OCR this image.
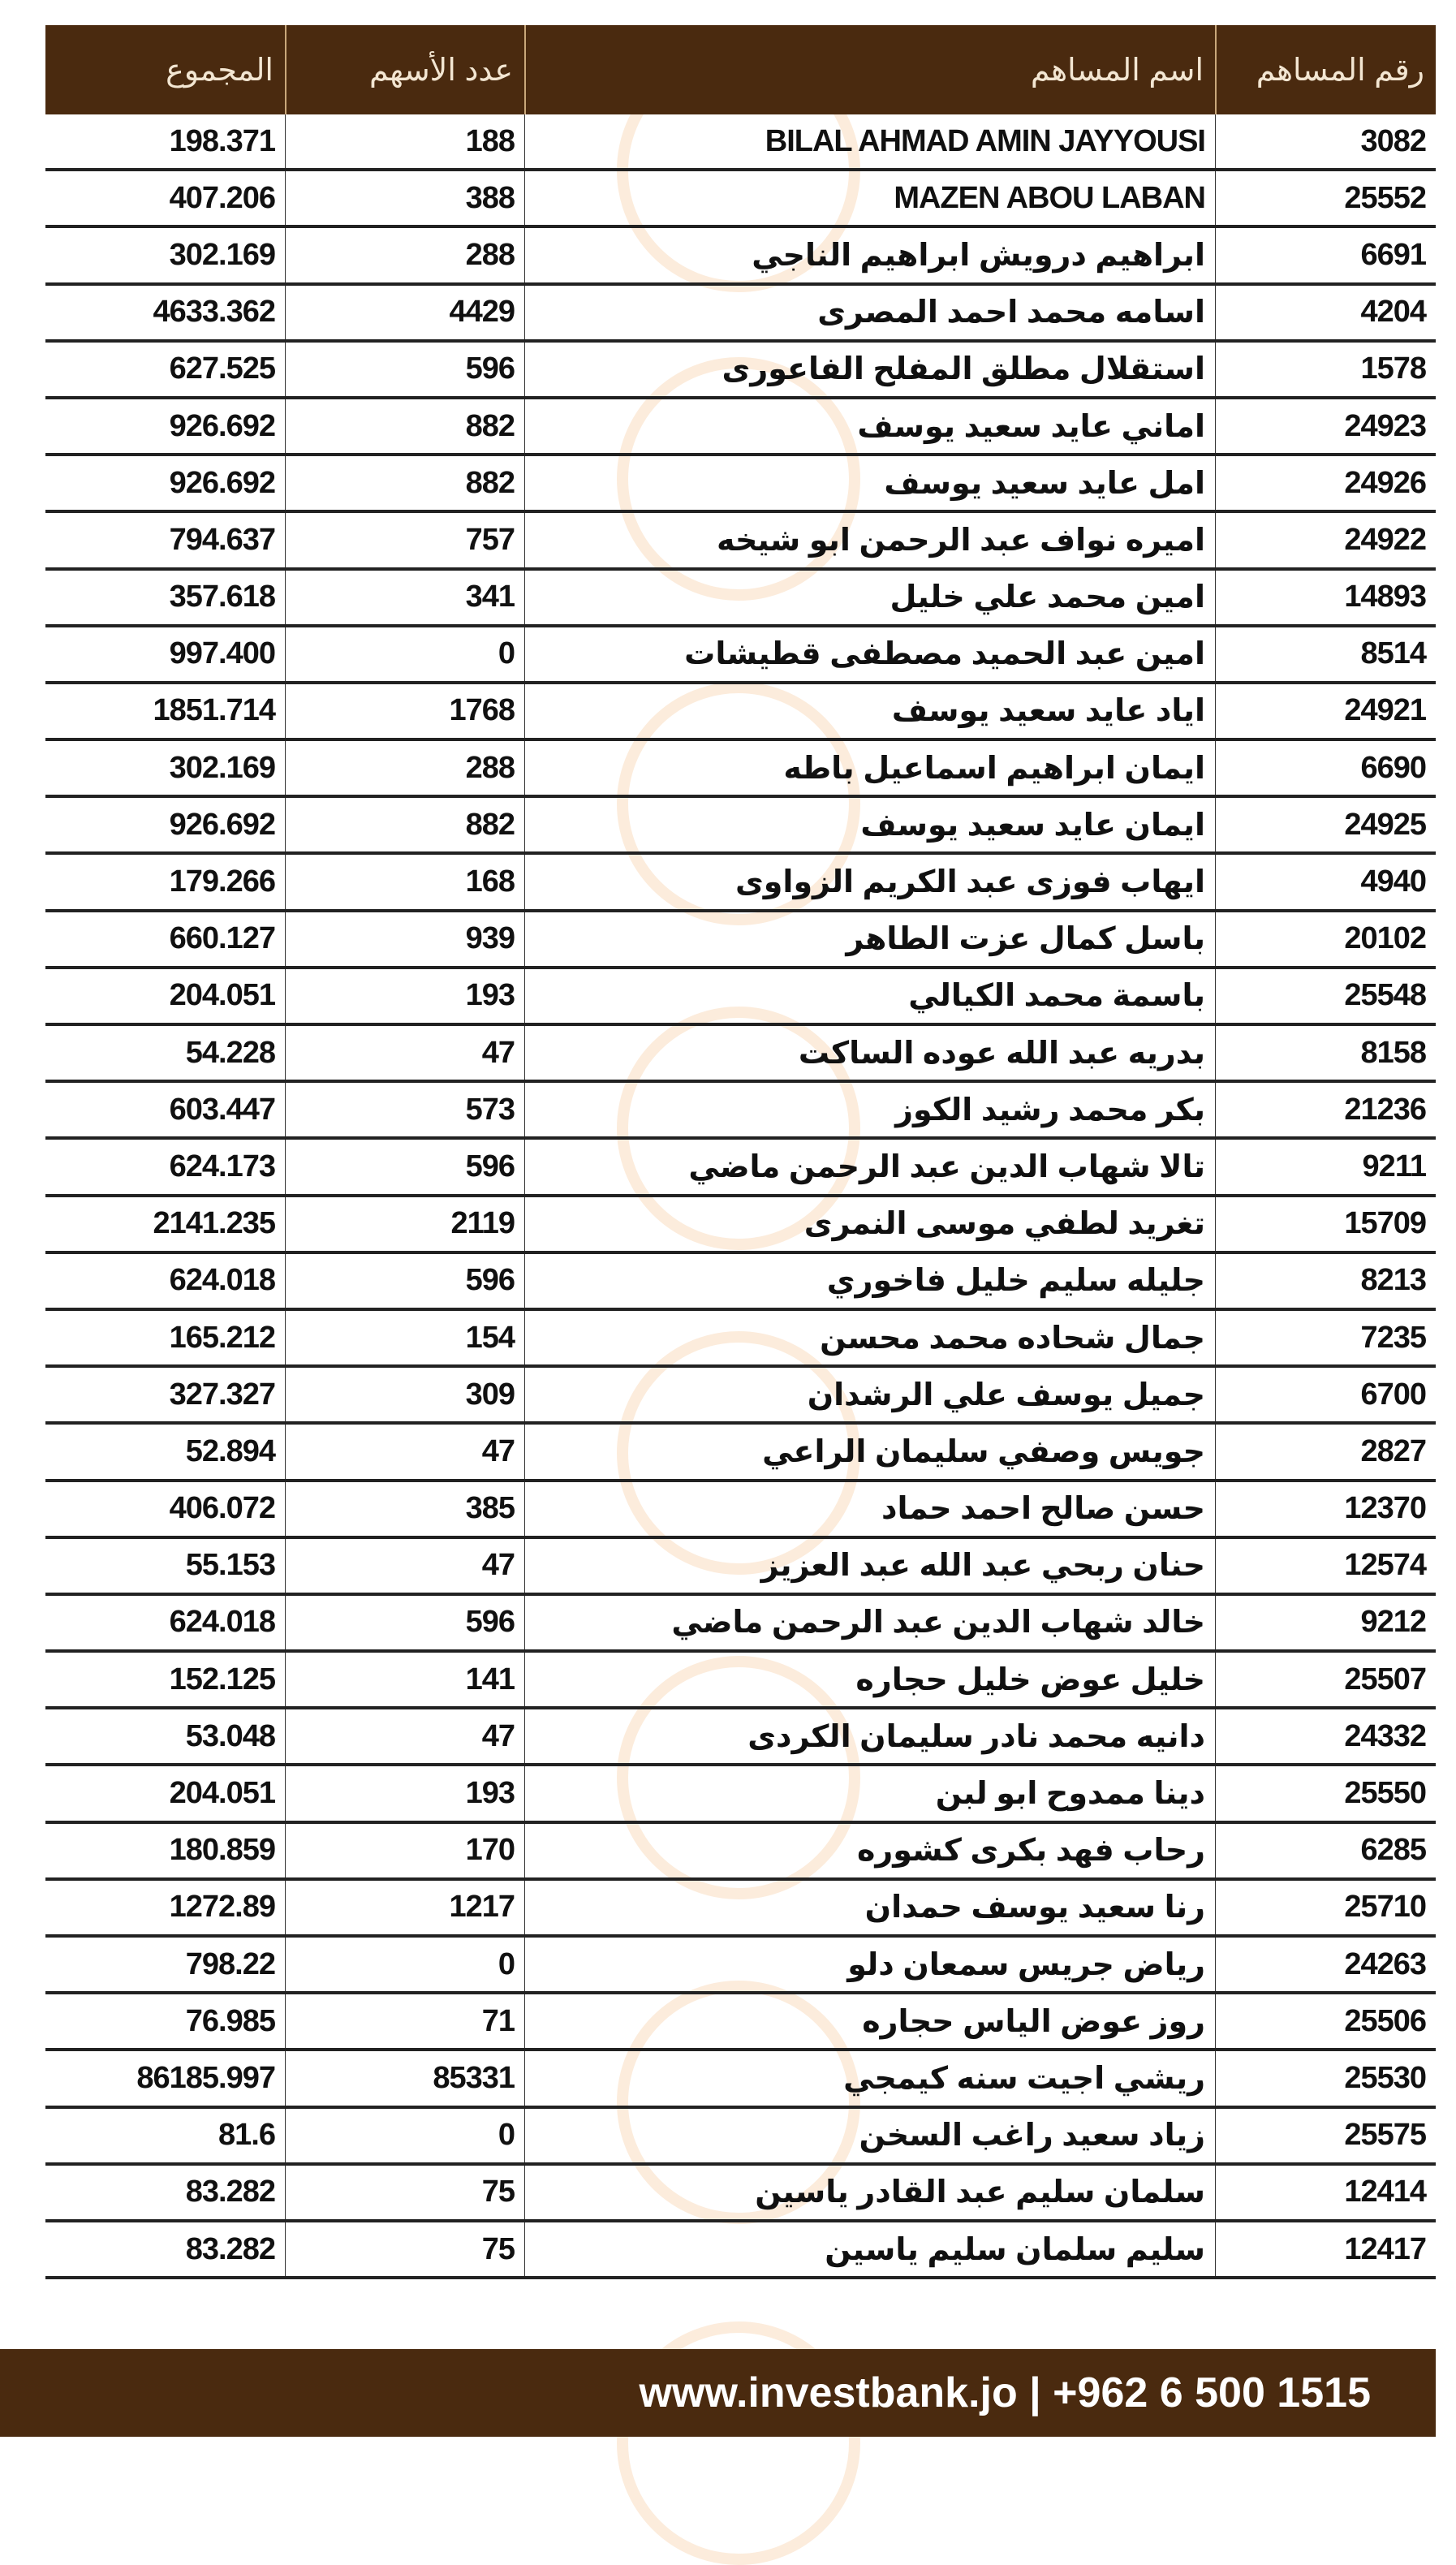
رقم المساهم
اسم المساهم
عدد الأسهم
المجموع
3082
BILAL AHMAD AMIN JAYYOUSI
188
198.371
25552
MAZEN ABOU LABAN
388
407.206
6691
ابراهيم درويش ابراهيم الناجي
288
302.169
4204
اسامه محمد احمد المصرى
4429
4633.362
1578
استقلال مطلق المفلح الفاعورى
596
627.525
24923
اماني عايد سعيد يوسف
882
926.692
24926
امل عايد سعيد يوسف
882
926.692
24922
اميره نواف عبد الرحمن ابو شيخه
757
794.637
14893
امين محمد علي خليل
341
357.618
8514
امين عبد الحميد مصطفى قطيشات
0
997.400
24921
اياد عايد سعيد يوسف
1768
1851.714
6690
ايمان ابراهيم اسماعيل باطه
288
302.169
24925
ايمان عايد سعيد يوسف
882
926.692
4940
ايهاب فوزى عبد الكريم الزواوى
168
179.266
20102
باسل كمال عزت الطاهر
939
660.127
25548
باسمة محمد الكيالي
193
204.051
8158
بدريه عبد الله عوده الساكت
47
54.228
21236
بكر محمد رشيد الكوز
573
603.447
9211
تالا شهاب الدين عبد الرحمن ماضي
596
624.173
15709
تغريد لطفي موسى النمرى
2119
2141.235
8213
جليله سليم خليل فاخوري
596
624.018
7235
جمال شحاده محمد محسن
154
165.212
6700
جميل يوسف علي الرشدان
309
327.327
2827
جويس وصفي سليمان الراعي
47
52.894
12370
حسن صالح احمد حماد
385
406.072
12574
حنان ربحي عبد الله عبد العزيز
47
55.153
9212
خالد شهاب الدين عبد الرحمن ماضي
596
624.018
25507
خليل عوض خليل حجاره
141
152.125
24332
دانيه محمد نادر سليمان الكردى
47
53.048
25550
دينا ممدوح ابو لبن
193
204.051
6285
رحاب فهد بكرى كشوره
170
180.859
25710
رنا سعيد يوسف حمدان
1217
1272.89
24263
رياض جريس سمعان دلو
0
798.22
25506
روز عوض الياس حجاره
71
76.985
25530
ريشي اجيت سنه كيمجي
85331
86185.997
25575
زياد سعيد راغب السخن
0
81.6
12414
سلمان سليم عبد القادر ياسين
75
83.282
12417
سليم سلمان سليم ياسين
75
83.282
www.investbank.jo | +962 6 500 1515
